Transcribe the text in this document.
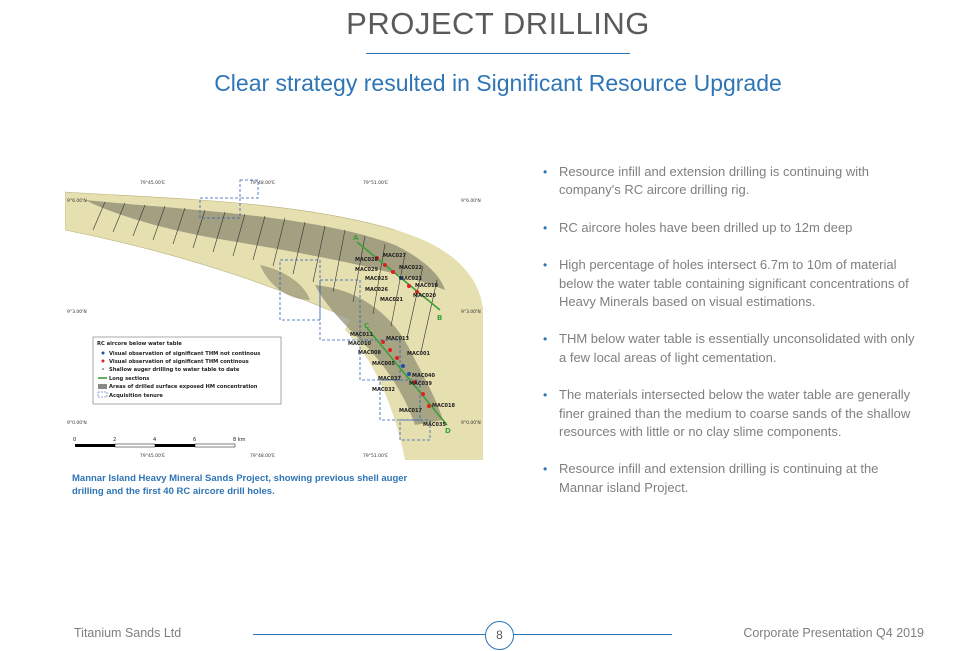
PROJECT DRILLING
Clear strategy resulted in Significant Resource Upgrade
79°45.00'E	79°48.00'E	79°51.00'E
79°45.00'E	79°48.00'E	79°51.00'E
9°6.00'N
9°3.00'N
9°0.00'N
9°6.00'N
9°3.00'N
9°0.00'N
A
B
C
D
MAC027
MAC028
MAC029	MAC022
MAC025 MAC023
MAC019
MAC026
MAC020
MAC021
MAC011
MAC013
MAC010
MAC008	MAC001
MAC005
MAC040
MAC037
MAC039
MAC032
MAC018
MAC017
MAC035
RC aircore below water table
Visual observation of significant THM not continous
Visual observation of significant THM continous
Shallow auger drilling to water table to date
Long sections
Areas of drilled surface exposed HM concentration
Acquisition tenure
0	2	4	6	8 km
Mannar Island Heavy Mineral Sands Project, showing previous shell auger drilling and the first 40 RC aircore drill holes.
• Resource infill and extension drilling is continuing with company's RC aircore drilling rig.
• RC aircore holes have been drilled up to 12m deep
• High percentage of holes intersect 6.7m to 10m of material below the water table containing significant concentrations of Heavy Minerals based on visual estimations.
• THM below water table is essentially unconsolidated with only a few local areas of light cementation.
• The materials intersected below the water table are generally finer grained than the medium to coarse sands of the shallow resources with little or no clay slime components.
• Resource infill and extension drilling is continuing at the Mannar island Project.
Titanium Sands Ltd	8	Corporate Presentation Q4 2019
